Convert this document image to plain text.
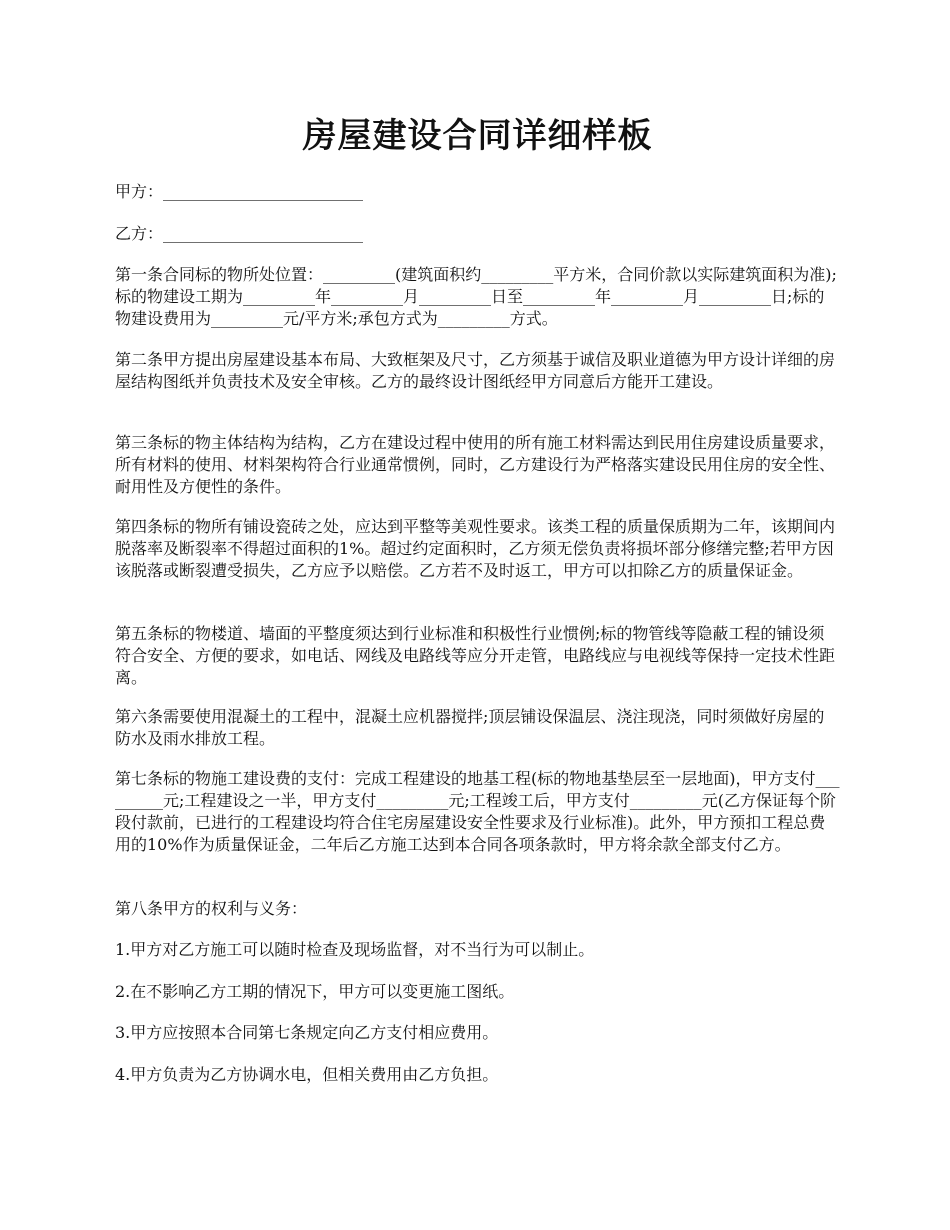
房屋建设合同详细样板

甲方：_________________________

乙方：_________________________

第一条合同标的物所处位置：_________(建筑面积约_________平方米，合同价款以实际建筑面积为准);标的物建设工期为_________年_________月_________日至_________年_________月_________日;标的物建设费用为_________元/平方米;承包方式为_________方式。

第二条甲方提出房屋建设基本布局、大致框架及尺寸，乙方须基于诚信及职业道德为甲方设计详细的房屋结构图纸并负责技术及安全审核。乙方的最终设计图纸经甲方同意后方能开工建设。

第三条标的物主体结构为结构，乙方在建设过程中使用的所有施工材料需达到民用住房建设质量要求，所有材料的使用、材料架构符合行业通常惯例，同时，乙方建设行为严格落实建设民用住房的安全性、耐用性及方便性的条件。

第四条标的物所有铺设瓷砖之处，应达到平整等美观性要求。该类工程的质量保质期为二年，该期间内脱落率及断裂率不得超过面积的1%。超过约定面积时，乙方须无偿负责将损坏部分修缮完整;若甲方因该脱落或断裂遭受损失，乙方应予以赔偿。乙方若不及时返工，甲方可以扣除乙方的质量保证金。

第五条标的物楼道、墙面的平整度须达到行业标准和积极性行业惯例;标的物管线等隐蔽工程的铺设须符合安全、方便的要求，如电话、网线及电路线等应分开走管，电路线应与电视线等保持一定技术性距离。

第六条需要使用混凝土的工程中，混凝土应机器搅拌;顶层铺设保温层、浇注现浇，同时须做好房屋的防水及雨水排放工程。

第七条标的物施工建设费的支付：完成工程建设的地基工程(标的物地基垫层至一层地面)，甲方支付_________元;工程建设之一半，甲方支付_________元;工程竣工后，甲方支付_________元(乙方保证每个阶段付款前，已进行的工程建设均符合住宅房屋建设安全性要求及行业标准)。此外，甲方预扣工程总费用的10%作为质量保证金，二年后乙方施工达到本合同各项条款时，甲方将余款全部支付乙方。

第八条甲方的权利与义务：

1.甲方对乙方施工可以随时检查及现场监督，对不当行为可以制止。

2.在不影响乙方工期的情况下，甲方可以变更施工图纸。

3.甲方应按照本合同第七条规定向乙方支付相应费用。

4.甲方负责为乙方协调水电，但相关费用由乙方负担。
